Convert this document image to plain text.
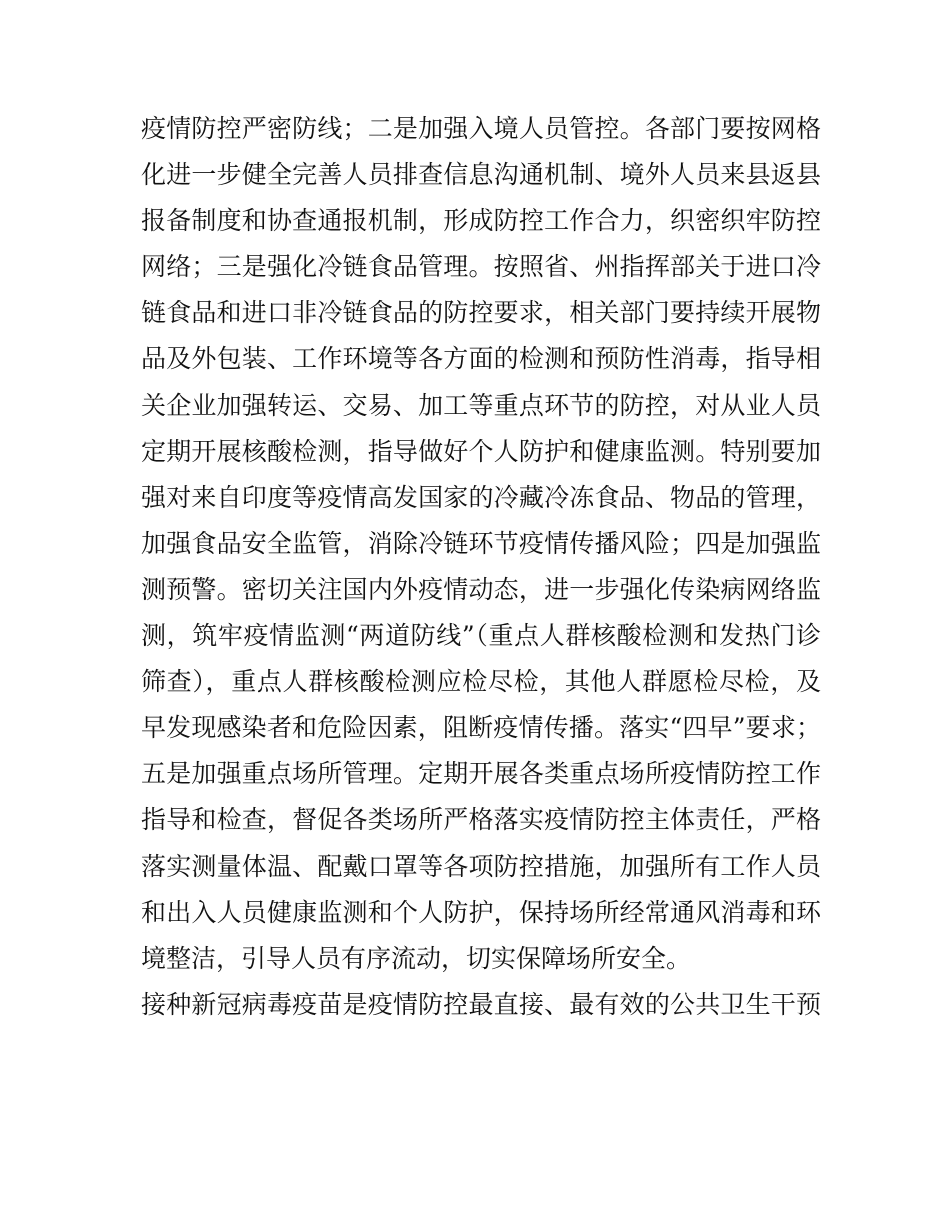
疫情防控严密防线；二是加强入境人员管控。各部门要按网格
化进一步健全完善人员排查信息沟通机制、境外人员来县返县
报备制度和协查通报机制，形成防控工作合力，织密织牢防控
网络；三是强化冷链食品管理。按照省、州指挥部关于进口冷
链食品和进口非冷链食品的防控要求，相关部门要持续开展物
品及外包装、工作环境等各方面的检测和预防性消毒，指导相
关企业加强转运、交易、加工等重点环节的防控，对从业人员
定期开展核酸检测，指导做好个人防护和健康监测。特别要加
强对来自印度等疫情高发国家的冷藏冷冻食品、物品的管理，
加强食品安全监管，消除冷链环节疫情传播风险；四是加强监
测预警。密切关注国内外疫情动态，进一步强化传染病网络监
测，筑牢疫情监测“两道防线”（重点人群核酸检测和发热门诊
筛查），重点人群核酸检测应检尽检，其他人群愿检尽检，及
早发现感染者和危险因素，阻断疫情传播。落实“四早”要求；
五是加强重点场所管理。定期开展各类重点场所疫情防控工作
指导和检查，督促各类场所严格落实疫情防控主体责任，严格
落实测量体温、配戴口罩等各项防控措施，加强所有工作人员
和出入人员健康监测和个人防护，保持场所经常通风消毒和环
境整洁，引导人员有序流动，切实保障场所安全。
接种新冠病毒疫苗是疫情防控最直接、最有效的公共卫生干预
